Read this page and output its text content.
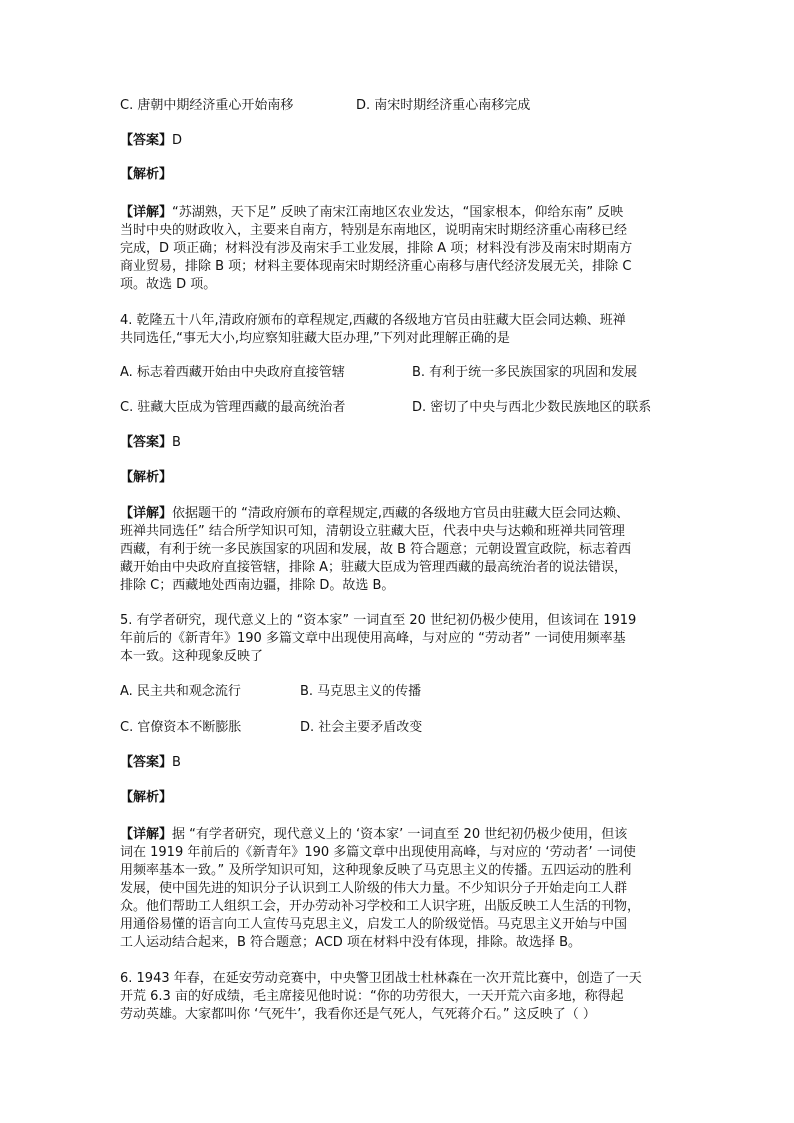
C. 唐朝中期经济重心开始南移	D. 南宋时期经济重心南移完成
【答案】D
【解析】
【详解】“苏湖熟，天下足” 反映了南宋江南地区农业发达，“国家根本，仰给东南” 反映
当时中央的财政收入，主要来自南方，特别是东南地区，说明南宋时期经济重心南移已经
完成，D 项正确；材料没有涉及南宋手工业发展，排除 A 项；材料没有涉及南宋时期南方
商业贸易，排除 B 项；材料主要体现南宋时期经济重心南移与唐代经济发展无关，排除 C
项。故选 D 项。
4. 乾隆五十八年,清政府颁布的章程规定,西藏的各级地方官员由驻藏大臣会同达赖、班禅
共同选任,“事无大小,均应察知驻藏大臣办理,”下列对此理解正确的是
A. 标志着西藏开始由中央政府直接管辖	B. 有利于统一多民族国家的巩固和发展
C. 驻藏大臣成为管理西藏的最高统治者	D. 密切了中央与西北少数民族地区的联系
【答案】B
【解析】
【详解】依据题干的 “清政府颁布的章程规定,西藏的各级地方官员由驻藏大臣会同达赖、
班禅共同选任” 结合所学知识可知，清朝设立驻藏大臣，代表中央与达赖和班禅共同管理
西藏，有利于统一多民族国家的巩固和发展，故 B 符合题意；元朝设置宣政院，标志着西
藏开始由中央政府直接管辖，排除 A；驻藏大臣成为管理西藏的最高统治者的说法错误，
排除 C；西藏地处西南边疆，排除 D。故选 B。
5. 有学者研究，现代意义上的 “资本家” 一词直至 20 世纪初仍极少使用，但该词在 1919
年前后的《新青年》190 多篇文章中出现使用高峰，与对应的 “劳动者” 一词使用频率基
本一致。这种现象反映了
A. 民主共和观念流行	B. 马克思主义的传播
C. 官僚资本不断膨胀	D. 社会主要矛盾改变
【答案】B
【解析】
【详解】据 “有学者研究，现代意义上的 ‘资本家’ 一词直至 20 世纪初仍极少使用，但该
词在 1919 年前后的《新青年》190 多篇文章中出现使用高峰，与对应的 ‘劳动者’ 一词使
用频率基本一致。” 及所学知识可知，这种现象反映了马克思主义的传播。五四运动的胜利
发展，使中国先进的知识分子认识到工人阶级的伟大力量。不少知识分子开始走向工人群
众。他们帮助工人组织工会，开办劳动补习学校和工人识字班，出版反映工人生活的刊物，
用通俗易懂的语言向工人宣传马克思主义，启发工人的阶级觉悟。马克思主义开始与中国
工人运动结合起来，B 符合题意；ACD 项在材料中没有体现，排除。故选择 B。
6. 1943 年春，在延安劳动竞赛中，中央警卫团战士杜林森在一次开荒比赛中，创造了一天
开荒 6.3 亩的好成绩，毛主席接见他时说：“你的功劳很大，一天开荒六亩多地，称得起
劳动英雄。大家都叫你 ‘气死牛’，我看你还是气死人，气死蒋介石。” 这反映了（ ）
